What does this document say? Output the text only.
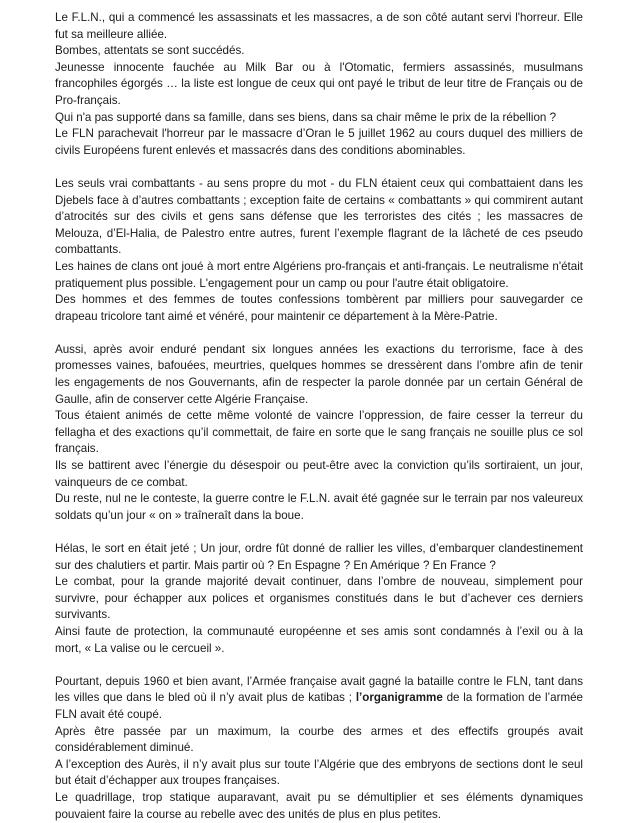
Le F.L.N., qui a commencé les assassinats et les massacres, a de son côté autant servi l'horreur. Elle fut sa meilleure alliée.

Bombes, attentats se sont succédés.

Jeunesse innocente fauchée au Milk Bar ou à l'Otomatic, fermiers assassinés, musulmans francophiles égorgés … la liste est longue de ceux qui ont payé le tribut de leur titre de Français ou de Pro-français.

Qui n'a pas supporté dans sa famille, dans ses biens, dans sa chair même le prix de la rébellion ?

Le FLN parachevait l'horreur par le massacre d’Oran le 5 juillet 1962 au cours duquel des milliers de civils Européens furent enlevés et massacrés dans des conditions abominables.

Les seuls vrai combattants - au sens propre du mot - du FLN étaient ceux qui combattaient dans les Djebels face à d’autres combattants ; exception faite de certains « combattants » qui commirent autant d’atrocités sur des civils et gens sans défense que les terroristes des cités ; les massacres de Melouza, d’El-Halia, de Palestro entre autres, furent l’exemple flagrant de la lâcheté de ces pseudo combattants.

Les haines de clans ont joué à mort entre Algériens pro-français et anti-français. Le neutralisme n'était pratiquement plus possible. L'engagement pour un camp ou pour l'autre était obligatoire.

Des hommes et des femmes de toutes confessions tombèrent par milliers pour sauvegarder ce drapeau tricolore tant aimé et vénéré, pour maintenir ce département à la Mère-Patrie.

Aussi, après avoir enduré pendant six longues années les exactions du terrorisme, face à des promesses vaines, bafouées, meurtries, quelques hommes se dressèrent dans l’ombre afin de tenir les engagements de nos Gouvernants, afin de respecter la parole donnée par un certain Général de Gaulle, afin de conserver cette Algérie Française.

Tous étaient animés de cette même volonté de vaincre l’oppression, de faire cesser la terreur du fellagha et des exactions qu’il commettait, de faire en sorte que le sang français ne souille plus ce sol français.

Ils se battirent avec l’énergie du désespoir ou peut-être avec la conviction qu’ils sortiraient, un jour, vainqueurs de ce combat.

Du reste, nul ne le conteste, la guerre contre le F.L.N. avait été gagnée sur le terrain par nos valeureux soldats qu’un jour « on » traîneraît dans la boue.

Hélas, le sort en était jeté ; Un jour, ordre fût donné de rallier les villes, d’embarquer clandestinement sur des chalutiers et partir. Mais partir où ? En Espagne ? En Amérique ? En France ?

Le combat, pour la grande majorité devait continuer, dans l’ombre de nouveau, simplement pour survivre, pour échapper aux polices et organismes constitués dans le but d’achever ces derniers survivants.

Ainsi faute de protection, la communauté européenne et ses amis sont condamnés à l’exil ou à la mort, « La valise ou le cercueil ».

Pourtant, depuis 1960 et bien avant, l’Armée française avait gagné la bataille contre le FLN, tant dans les villes que dans le bled où il n’y avait plus de katibas ; l’organigramme de la formation de l’armée FLN avait été coupé.

Après être passée par un maximum, la courbe des armes et des effectifs groupés avait considérablement diminué.

A l’exception des Aurès, il n’y avait plus sur toute l’Algérie que des embryons de sections dont le seul but était d’échapper aux troupes françaises.

Le quadrillage, trop statique auparavant, avait pu se démultiplier et ses éléments dynamiques pouvaient faire la course au rebelle avec des unités de plus en plus petites.
